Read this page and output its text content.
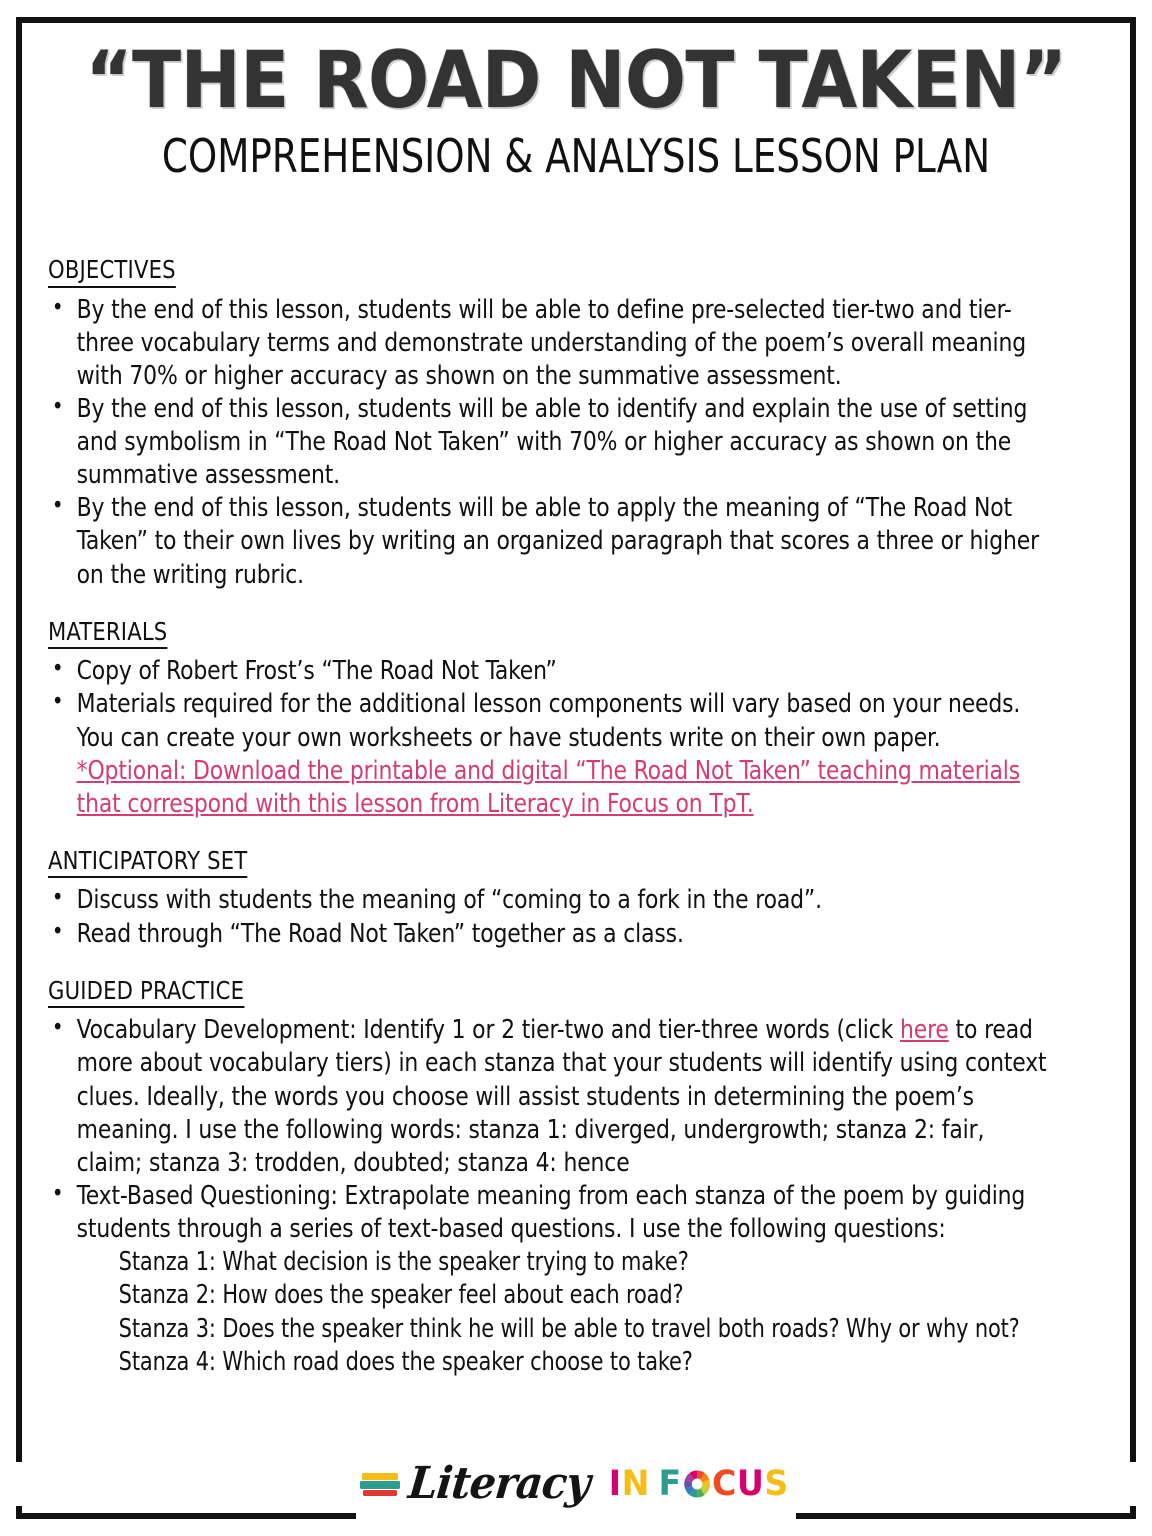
“THE ROAD NOT TAKEN”
COMPREHENSION & ANALYSIS LESSON PLAN
OBJECTIVES
• By the end of this lesson, students will be able to define pre-selected tier-two and tier-three vocabulary terms and demonstrate understanding of the poem’s overall meaning with 70% or higher accuracy as shown on the summative assessment.
• By the end of this lesson, students will be able to identify and explain the use of setting and symbolism in “The Road Not Taken” with 70% or higher accuracy as shown on the summative assessment.
• By the end of this lesson, students will be able to apply the meaning of “The Road Not Taken” to their own lives by writing an organized paragraph that scores a three or higher on the writing rubric.
MATERIALS
• Copy of Robert Frost’s “The Road Not Taken”
• Materials required for the additional lesson components will vary based on your needs. You can create your own worksheets or have students write on their own paper.  *Optional: Download the printable and digital “The Road Not Taken” teaching materials that correspond with this lesson from Literacy in Focus on TpT.
ANTICIPATORY SET
• Discuss with students the meaning of “coming to a fork in the road”.
• Read through “The Road Not Taken” together as a class.
GUIDED PRACTICE
• Vocabulary Development: Identify 1 or 2 tier-two and tier-three words (click here to read more about vocabulary tiers) in each stanza that your students will identify using context clues. Ideally, the words you choose will assist students in determining the poem’s meaning. I use the following words: stanza 1: diverged, undergrowth; stanza 2: fair, claim; stanza 3: trodden, doubted; stanza 4: hence
• Text-Based Questioning: Extrapolate meaning from each stanza of the poem by guiding students through a series of text-based questions. I use the following questions:
Stanza 1: What decision is the speaker trying to make?
Stanza 2: How does the speaker feel about each road?
Stanza 3: Does the speaker think he will be able to travel both roads? Why or why not?
Stanza 4: Which road does the speaker choose to take?
Literacy I N F C U S
